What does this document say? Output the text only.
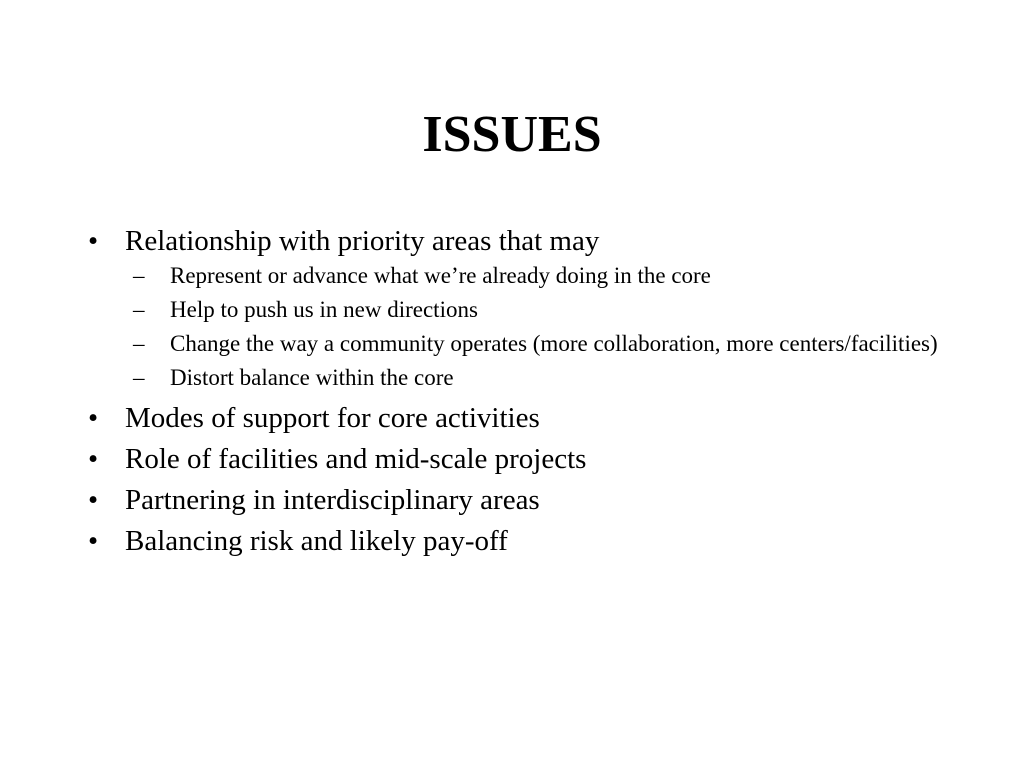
ISSUES
• Relationship with priority areas that may
–	Represent or advance what we’re already doing in the core
–	Help to push us in new directions
–	Change the way a community operates (more collaboration, more centers/facilities)
–	Distort balance within the core
• Modes of support for core activities
• Role of facilities and mid-scale projects
• Partnering in interdisciplinary areas
• Balancing risk and likely pay-off
